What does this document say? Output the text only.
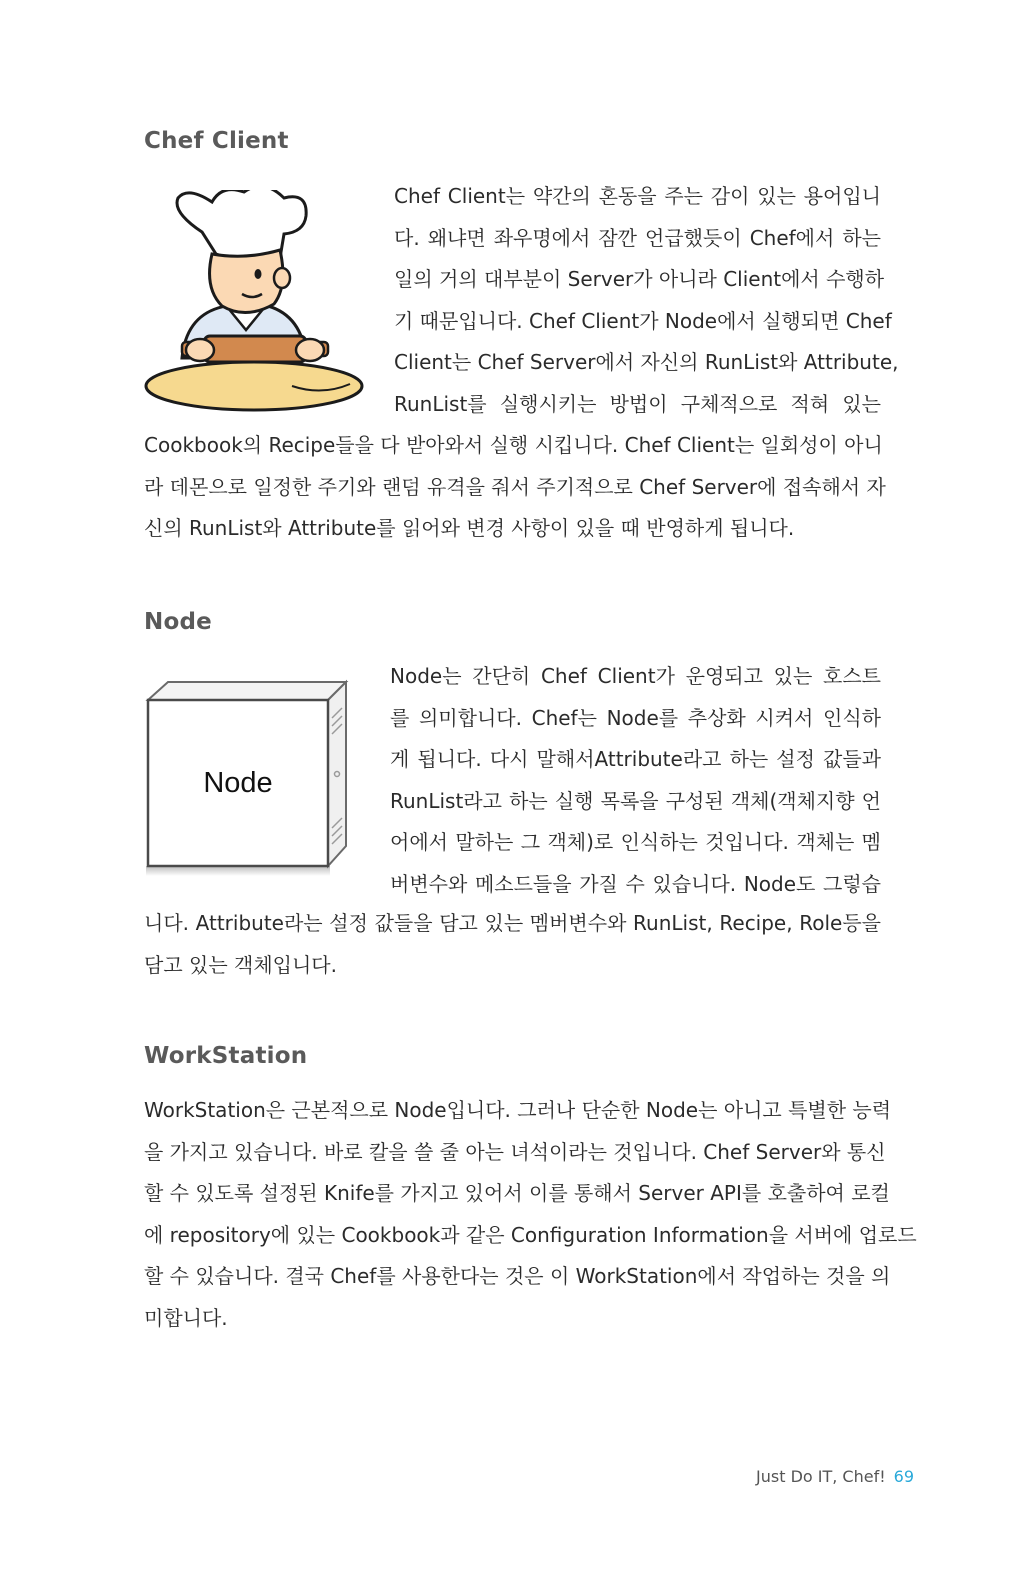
Chef Client
Chef Client는 약간의 혼동을 주는 감이 있는 용어입니
다. 왜냐면 좌우명에서 잠깐 언급했듯이 Chef에서 하는
일의 거의 대부분이 Server가 아니라 Client에서 수행하
기 때문입니다. Chef Client가 Node에서 실행되면 Chef
Client는 Chef Server에서 자신의 RunList와 Attribute,
RunList를 실행시키는 방법이 구체적으로 적혀 있는
Cookbook의 Recipe들을 다 받아와서 실행 시킵니다. Chef Client는 일회성이 아니
라 데몬으로 일정한 주기와 랜덤 유격을 줘서 주기적으로 Chef Server에 접속해서 자
신의 RunList와 Attribute를 읽어와 변경 사항이 있을 때 반영하게 됩니다.
Node
Node
Node는 간단히 Chef Client가 운영되고 있는 호스트
를 의미합니다. Chef는 Node를 추상화 시켜서 인식하
게 됩니다. 다시 말해서Attribute라고 하는 설정 값들과
RunList라고 하는 실행 목록을 구성된 객체(객체지향 언
어에서 말하는 그 객체)로 인식하는 것입니다. 객체는 멤
버변수와 메소드들을 가질 수 있습니다. Node도 그렇습
니다. Attribute라는 설정 값들을 담고 있는 멤버변수와 RunList, Recipe, Role등을
담고 있는 객체입니다.
WorkStation
WorkStation은 근본적으로 Node입니다. 그러나 단순한 Node는 아니고 특별한 능력
을 가지고 있습니다. 바로 칼을 쓸 줄 아는 녀석이라는 것입니다. Chef Server와 통신
할 수 있도록 설정된 Knife를 가지고 있어서 이를 통해서 Server API를 호출하여 로컬
에 repository에 있는 Cookbook과 같은 Configuration Information을 서버에 업로드
할 수 있습니다. 결국 Chef를 사용한다는 것은 이 WorkStation에서 작업하는 것을 의
미합니다.
Just Do IT, Chef! 69
